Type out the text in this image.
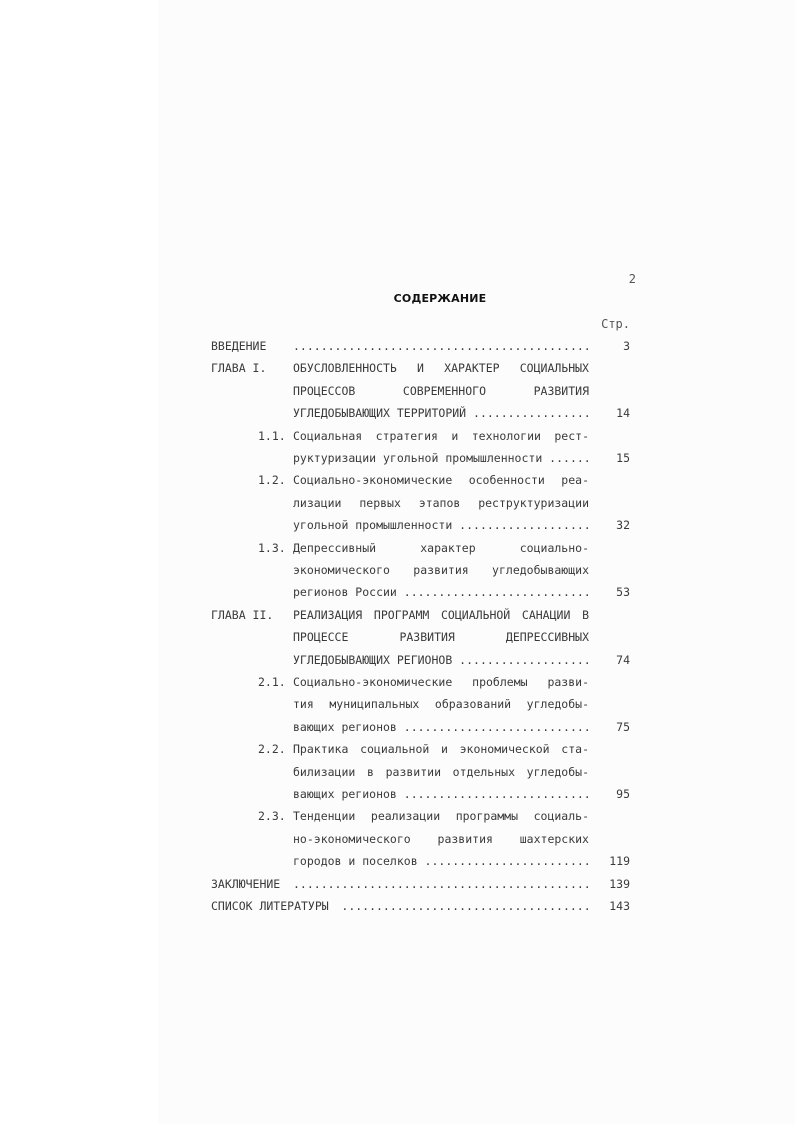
2
СОДЕРЖАНИЕ
Стр.
ВВЕДЕНИЕ .....	3
ГЛАВА I. ОБУСЛОВЛЕННОСТЬ И ХАРАКТЕР СОЦИАЛЬНЫХ
ПРОЦЕССОВ СОВРЕМЕННОГО РАЗВИТИЯ
УГЛЕДОБЫВАЮЩИХ ТЕРРИТОРИЙ .....	14
1.1. Социальная стратегия и технологии рест-
руктуризации угольной промышленности .....	15
1.2. Социально-экономические особенности реа-
лизации первых этапов реструктуризации
угольной промышленности .....	32
1.3. Депрессивный характер социально-
экономического развития угледобывающих
регионов России .....	53
ГЛАВА II. РЕАЛИЗАЦИЯ ПРОГРАММ СОЦИАЛЬНОЙ САНАЦИИ В
ПРОЦЕССЕ РАЗВИТИЯ ДЕПРЕССИВНЫХ
УГЛЕДОБЫВАЮЩИХ РЕГИОНОВ .....	74
2.1. Социально-экономические проблемы разви-
тия муниципальных образований угледобы-
вающих регионов .....	75
2.2. Практика социальной и экономической ста-
билизации в развитии отдельных угледобы-
вающих регионов .....	95
2.3. Тенденции реализации программы социаль-
но-экономического развития шахтерских
городов и поселков .....	119
ЗАКЛЮЧЕНИЕ .....	139
СПИСОК ЛИТЕРАТУРЫ .....	143
